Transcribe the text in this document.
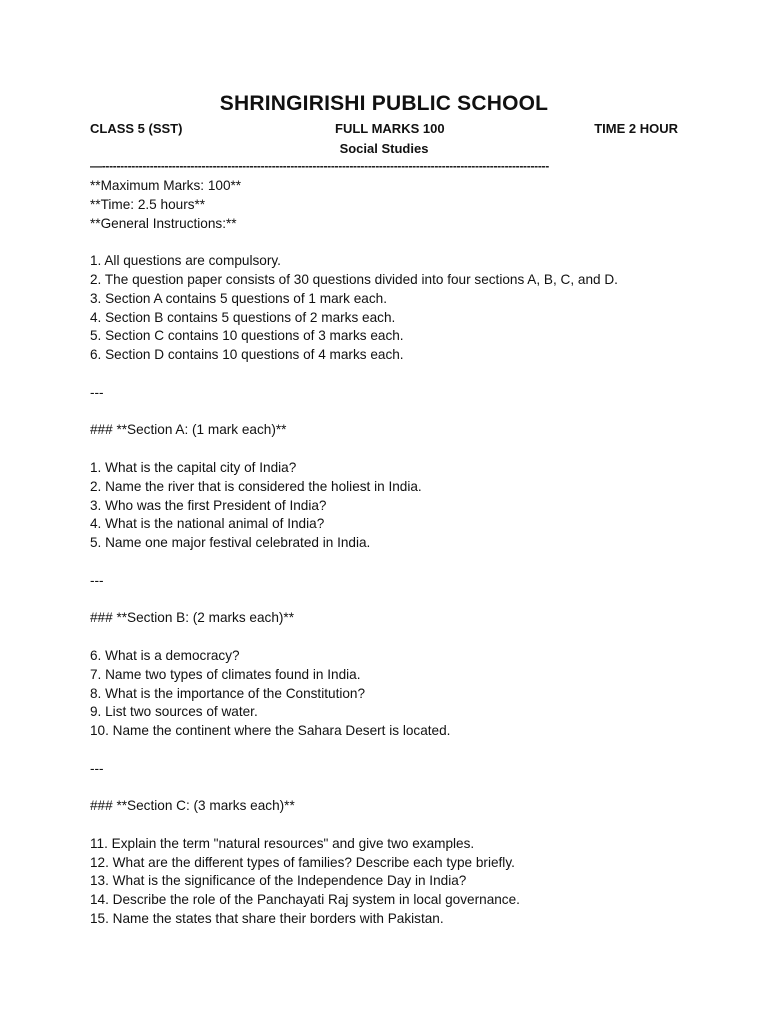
SHRINGIRISHI PUBLIC SCHOOL
CLASS 5 (SST)	FULL MARKS 100	TIME 2 HOUR
Social Studies
—-------------------------------------------------------------------------------------------------------------------------
**Maximum Marks: 100**
**Time: 2.5 hours**
**General Instructions:**
1. All questions are compulsory.
2. The question paper consists of 30 questions divided into four sections A, B, C, and D.
3. Section A contains 5 questions of 1 mark each.
4. Section B contains 5 questions of 2 marks each.
5. Section C contains 10 questions of 3 marks each.
6. Section D contains 10 questions of 4 marks each.
---
### **Section A: (1 mark each)**
1. What is the capital city of India?
2. Name the river that is considered the holiest in India.
3. Who was the first President of India?
4. What is the national animal of India?
5. Name one major festival celebrated in India.
---
### **Section B: (2 marks each)**
6. What is a democracy?
7. Name two types of climates found in India.
8. What is the importance of the Constitution?
9. List two sources of water.
10. Name the continent where the Sahara Desert is located.
---
### **Section C: (3 marks each)**
11. Explain the term "natural resources" and give two examples.
12. What are the different types of families? Describe each type briefly.
13. What is the significance of the Independence Day in India?
14. Describe the role of the Panchayati Raj system in local governance.
15. Name the states that share their borders with Pakistan.
